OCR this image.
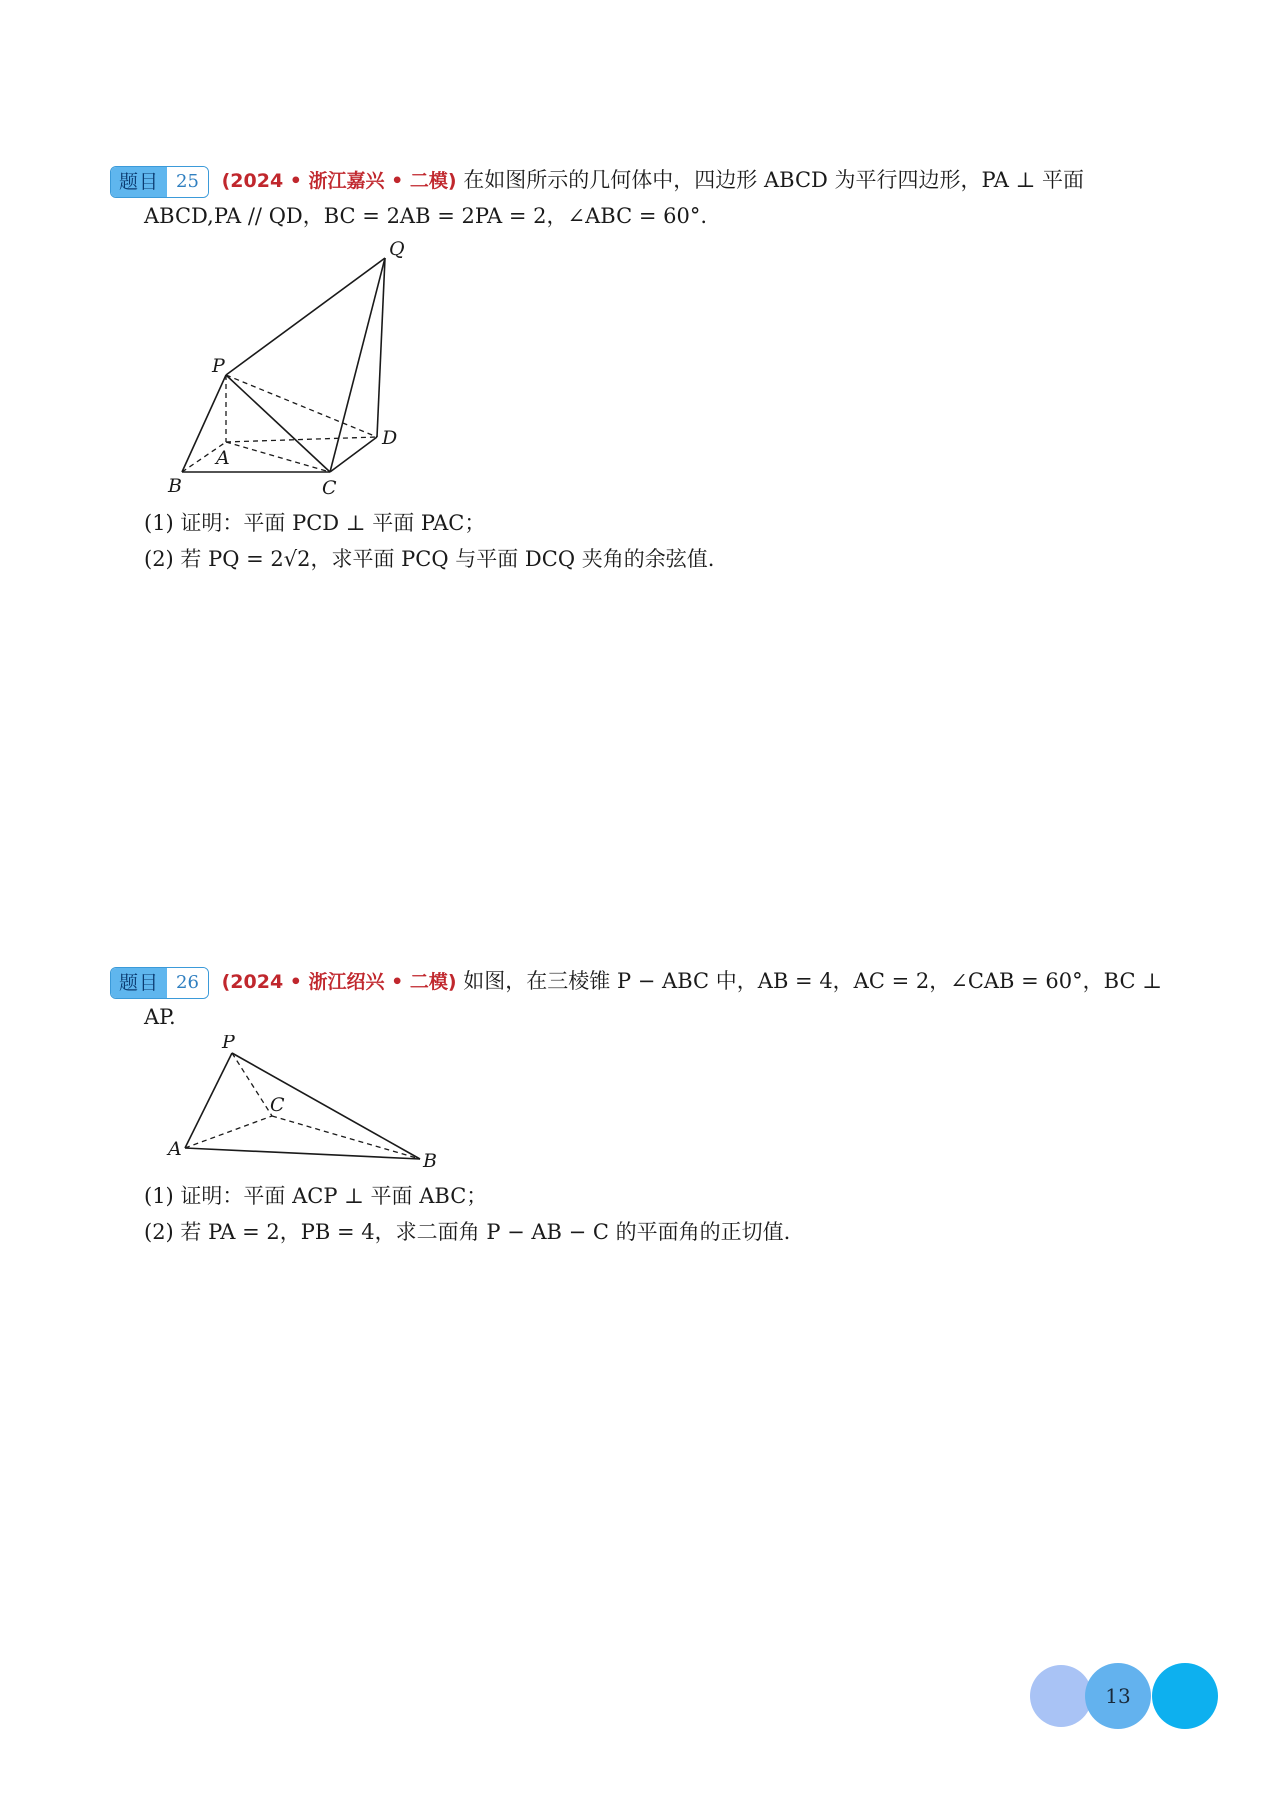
题目 25	(2024 • 浙江嘉兴 • 二模) 在如图所示的几何体中，四边形 ABCD 为平行四边形，PA ⊥ 平面
ABCD,PA // QD，BC = 2AB = 2PA = 2，∠ABC = 60°.
Q
P
A
B	C
D
(1) 证明：平面 PCD ⊥ 平面 PAC；
(2) 若 PQ = 2√2，求平面 PCQ 与平面 DCQ 夹角的余弦值.
题目 26	(2024 • 浙江绍兴 • 二模) 如图，在三棱锥 P − ABC 中，AB = 4，AC = 2，∠CAB = 60°，BC ⊥
AP.
P
A
B
C
(1) 证明：平面 ACP ⊥ 平面 ABC；
(2) 若 PA = 2，PB = 4，求二面角 P − AB − C 的平面角的正切值.
13
